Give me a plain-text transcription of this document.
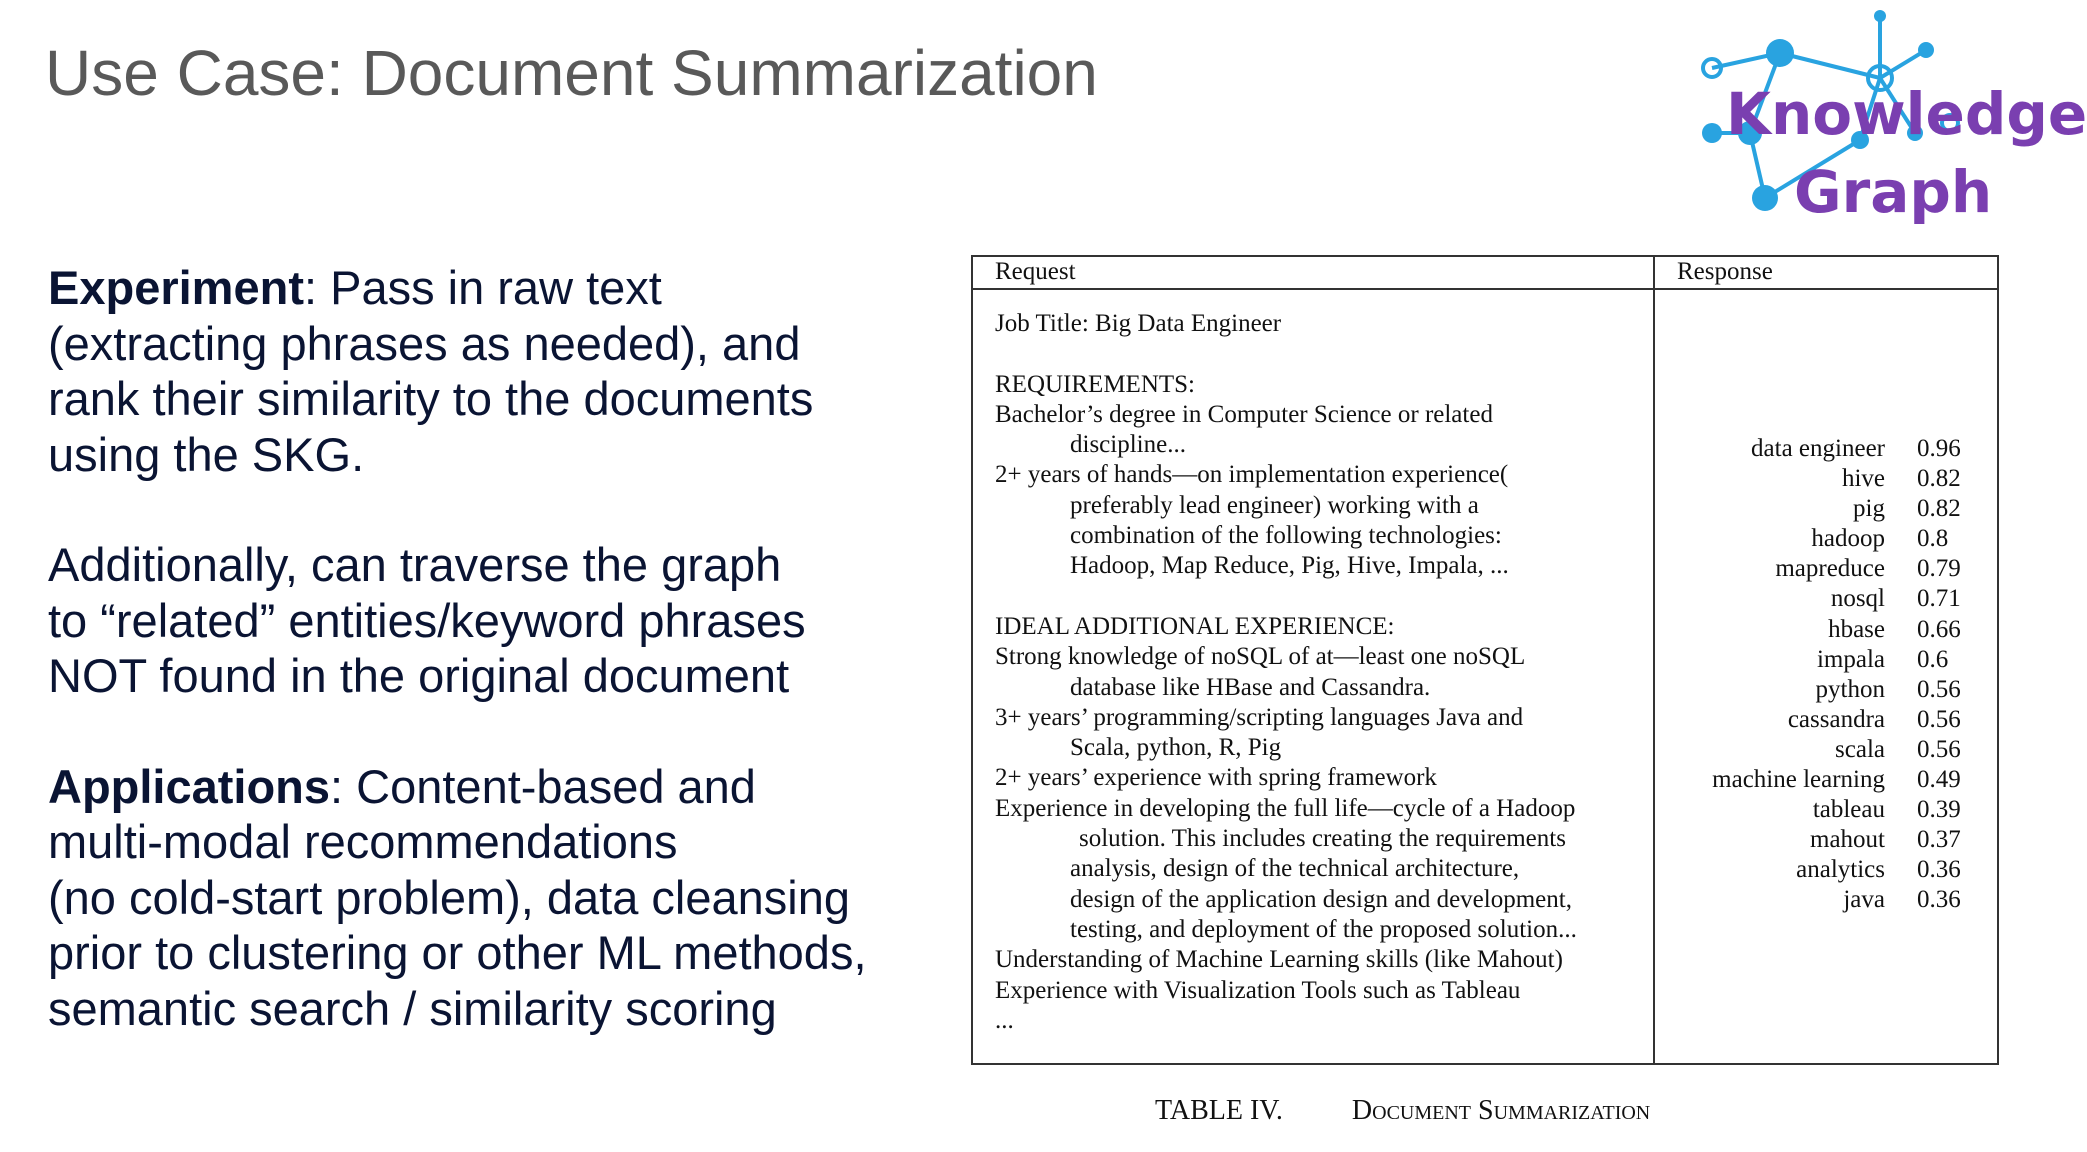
Use Case: Document Summarization
Knowledge
Graph
Experiment: Pass in raw text
(extracting phrases as needed), and
rank their similarity to the documents
using the SKG.
Additionally, can traverse the graph
to “related” entities/keyword phrases
NOT found in the original document
Applications: Content-based and
multi-modal recommendations
(no cold-start problem), data cleansing
prior to clustering or other ML methods,
semantic search / similarity scoring
Request	Response
Job Title: Big Data Engineer
REQUIREMENTS:
Bachelor’s degree in Computer Science or related
discipline...
2+ years of hands—on implementation experience(
preferably lead engineer) working with a
combination of the following technologies:
Hadoop, Map Reduce, Pig, Hive, Impala, ...
IDEAL ADDITIONAL EXPERIENCE:
Strong knowledge of noSQL of at—least one noSQL
database like HBase and Cassandra.
3+ years’ programming/scripting languages Java and
Scala, python, R, Pig
2+ years’ experience with spring framework
Experience in developing the full life—cycle of a Hadoop
solution. This includes creating the requirements
analysis, design of the technical architecture,
design of the application design and development,
testing, and deployment of the proposed solution...
Understanding of Machine Learning skills (like Mahout)
Experience with Visualization Tools such as Tableau
...
data engineer	0.96
hive	0.82
pig	0.82
hadoop	0.8
mapreduce	0.79
nosql	0.71
hbase	0.66
impala	0.6
python	0.56
cassandra	0.56
scala	0.56
machine learning	0.49
tableau	0.39
mahout	0.37
analytics	0.36
java	0.36
TABLE IV. Document Summarization
